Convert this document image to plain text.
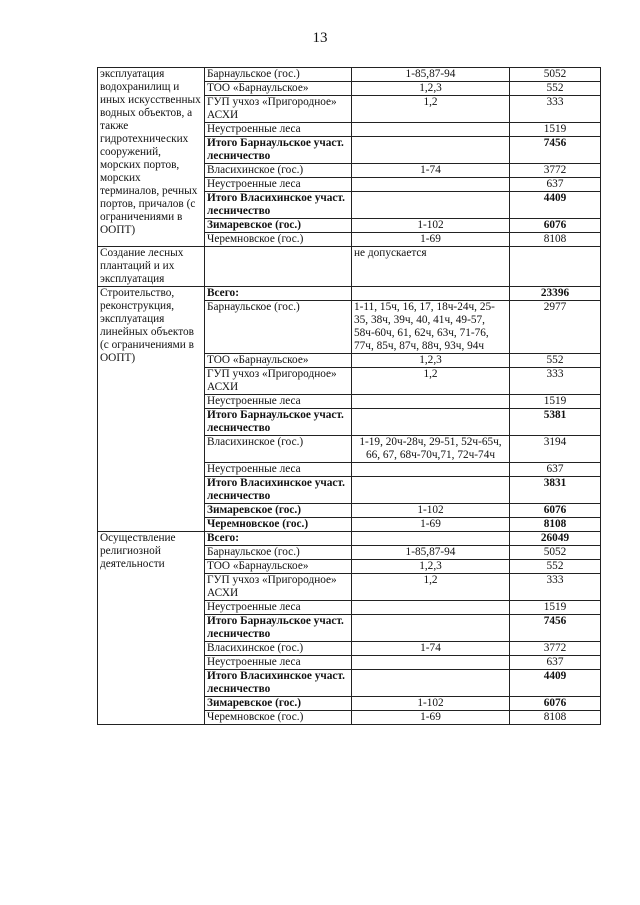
13
эксплуатация водохранилищ и иных искусственных водных объектов, а также гидротехнических сооружений, морских портов, морских терминалов, речных портов, причалов (с ограничениями в ООПТ)	Барнаульское (гос.)	1-85,87-94	5052
	ТОО «Барнаульское»	1,2,3	552
	ГУП учхоз «Пригородное» АСХИ	1,2	333
	Неустроенные леса		1519
	Итого Барнаульское участ. лесничество		7456
	Власихинское (гос.)	1-74	3772
	Неустроенные леса		637
	Итого Власихинское участ. лесничество		4409
	Зимаревское (гос.)	1-102	6076
	Черемновское (гос.)	1-69	8108
Создание лесных плантаций и их эксплуатация		не допускается	
Строительство, реконструкция, эксплуатация линейных объектов (с ограничениями в ООПТ)	Всего:		23396
	Барнаульское (гос.)	1-11, 15ч, 16, 17, 18ч-24ч, 25-35, 38ч, 39ч, 40, 41ч, 49-57, 58ч-60ч, 61, 62ч, 63ч, 71-76, 77ч, 85ч, 87ч, 88ч, 93ч, 94ч	2977
	ТОО «Барнаульское»	1,2,3	552
	ГУП учхоз «Пригородное» АСХИ	1,2	333
	Неустроенные леса		1519
	Итого Барнаульское участ. лесничество		5381
	Власихинское (гос.)	1-19, 20ч-28ч, 29-51, 52ч-65ч, 66, 67, 68ч-70ч,71, 72ч-74ч	3194
	Неустроенные леса		637
	Итого Власихинское участ. лесничество		3831
	Зимаревское (гос.)	1-102	6076
	Черемновское (гос.)	1-69	8108
Осуществление религиозной деятельности	Всего:		26049
	Барнаульское (гос.)	1-85,87-94	5052
	ТОО «Барнаульское»	1,2,3	552
	ГУП учхоз «Пригородное» АСХИ	1,2	333
	Неустроенные леса		1519
	Итого Барнаульское участ. лесничество		7456
	Власихинское (гос.)	1-74	3772
	Неустроенные леса		637
	Итого Власихинское участ. лесничество		4409
	Зимаревское (гос.)	1-102	6076
	Черемновское (гос.)	1-69	8108
